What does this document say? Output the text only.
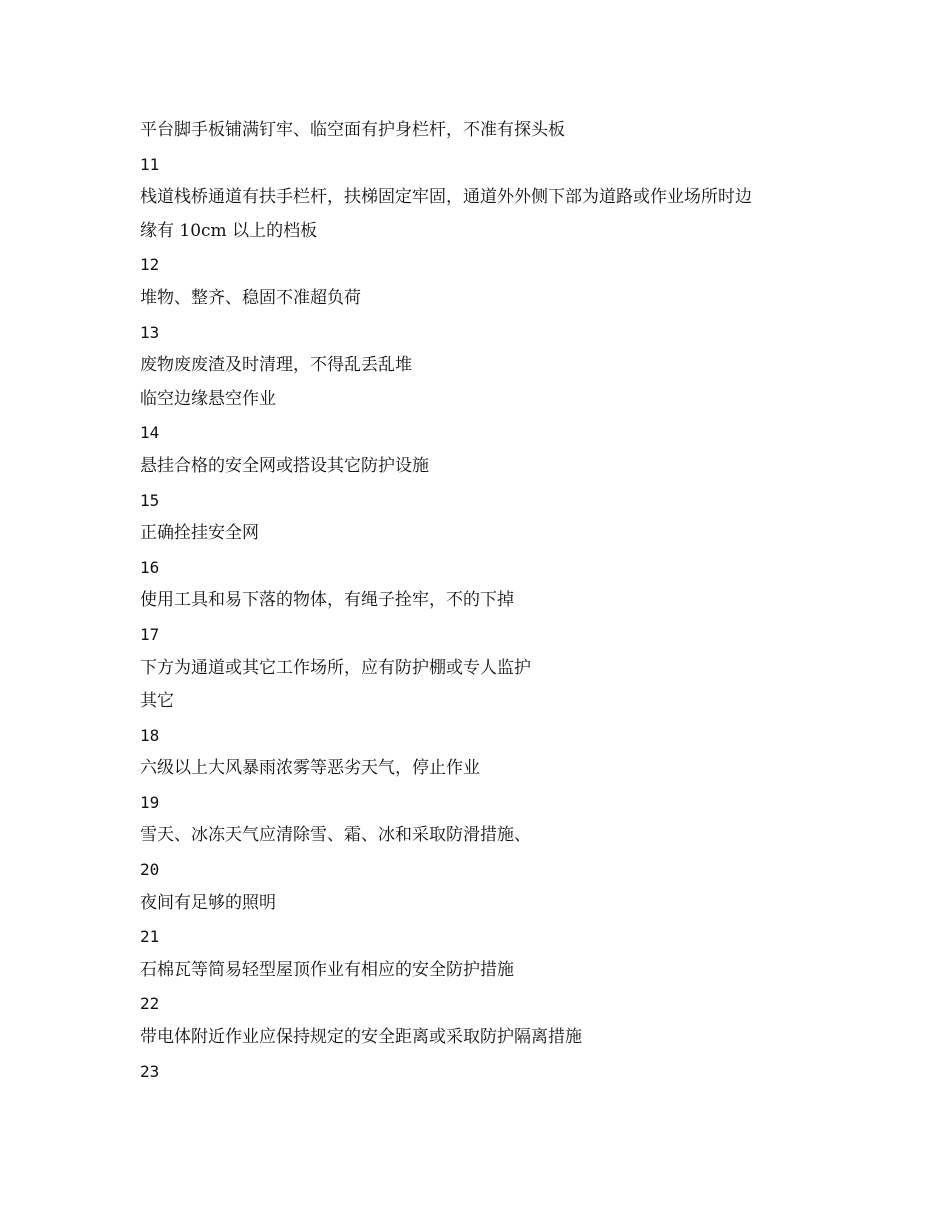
平台脚手板铺满钉牢、临空面有护身栏杆，不准有探头板

11

栈道栈桥通道有扶手栏杆，扶梯固定牢固，通道外外侧下部为道路或作业场所时边

缘有 10cm 以上的档板

12

堆物、整齐、稳固不准超负荷

13

废物废废渣及时清理，不得乱丢乱堆

临空边缘悬空作业

14

悬挂合格的安全网或搭设其它防护设施

15

正确拴挂安全网

16

使用工具和易下落的物体，有绳子拴牢，不的下掉

17

下方为通道或其它工作场所，应有防护棚或专人监护

其它

18

六级以上大风暴雨浓雾等恶劣天气，停止作业

19

雪天、冰冻天气应清除雪、霜、冰和采取防滑措施、

20

夜间有足够的照明

21

石棉瓦等简易轻型屋顶作业有相应的安全防护措施

22

带电体附近作业应保持规定的安全距离或采取防护隔离措施

23
